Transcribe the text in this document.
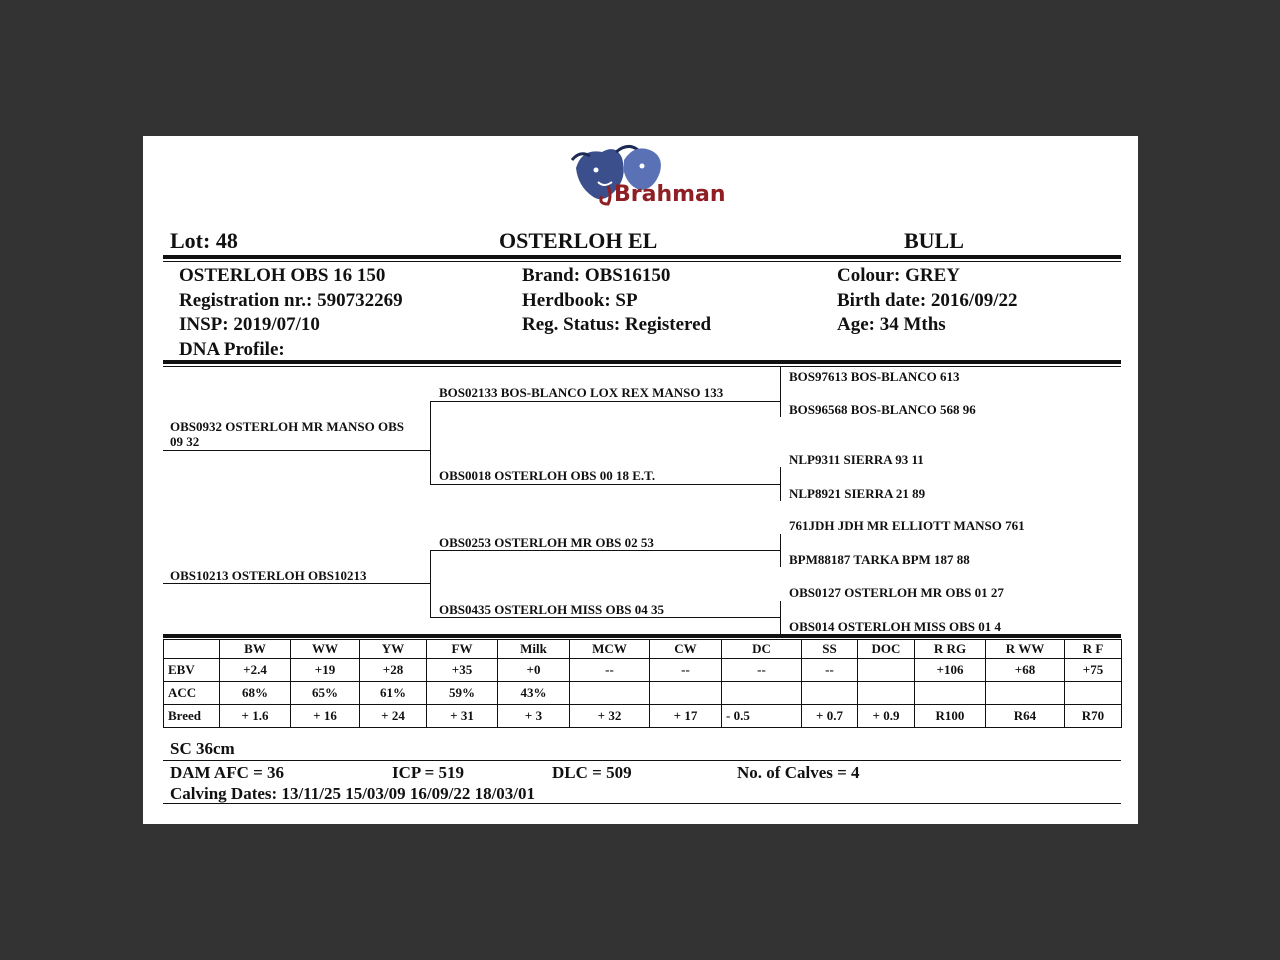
Brahman
Lot: 48	OSTERLOH EL	BULL
OSTERLOH OBS 16 150
Registration nr.: 590732269
INSP: 2019/07/10
DNA Profile:
Brand: OBS16150
Herdbook: SP
Reg. Status: Registered
Colour: GREY
Birth date: 2016/09/22
Age: 34 Mths
OBS0932 OSTERLOH MR MANSO OBS 09 32
OBS10213 OSTERLOH OBS10213
BOS02133 BOS-BLANCO LOX REX MANSO 133
OBS0018 OSTERLOH OBS 00 18 E.T.
OBS0253 OSTERLOH MR OBS 02 53
OBS0435 OSTERLOH MISS OBS 04 35
BOS97613 BOS-BLANCO 613
BOS96568 BOS-BLANCO 568 96
NLP9311 SIERRA 93 11
NLP8921 SIERRA 21 89
761JDH JDH MR ELLIOTT MANSO 761
BPM88187 TARKA BPM 187 88
OBS0127 OSTERLOH MR OBS 01 27
OBS014 OSTERLOH MISS OBS 01 4
	BW	WW	YW	FW	Milk	MCW	CW	DC	SS	DOC	R RG	R WW	R F
EBV	+2.4	+19	+28	+35	+0	--	--	--	--		+106	+68	+75
ACC	68%	65%	61%	59%	43%								
Breed	+ 1.6	+ 16	+ 24	+ 31	+ 3	+ 32	+ 17	- 0.5	+ 0.7	+ 0.9	R100	R64	R70
SC 36cm
DAM AFC = 36	ICP = 519	DLC = 509	No. of Calves = 4
Calving Dates: 13/11/25 15/03/09 16/09/22 18/03/01
